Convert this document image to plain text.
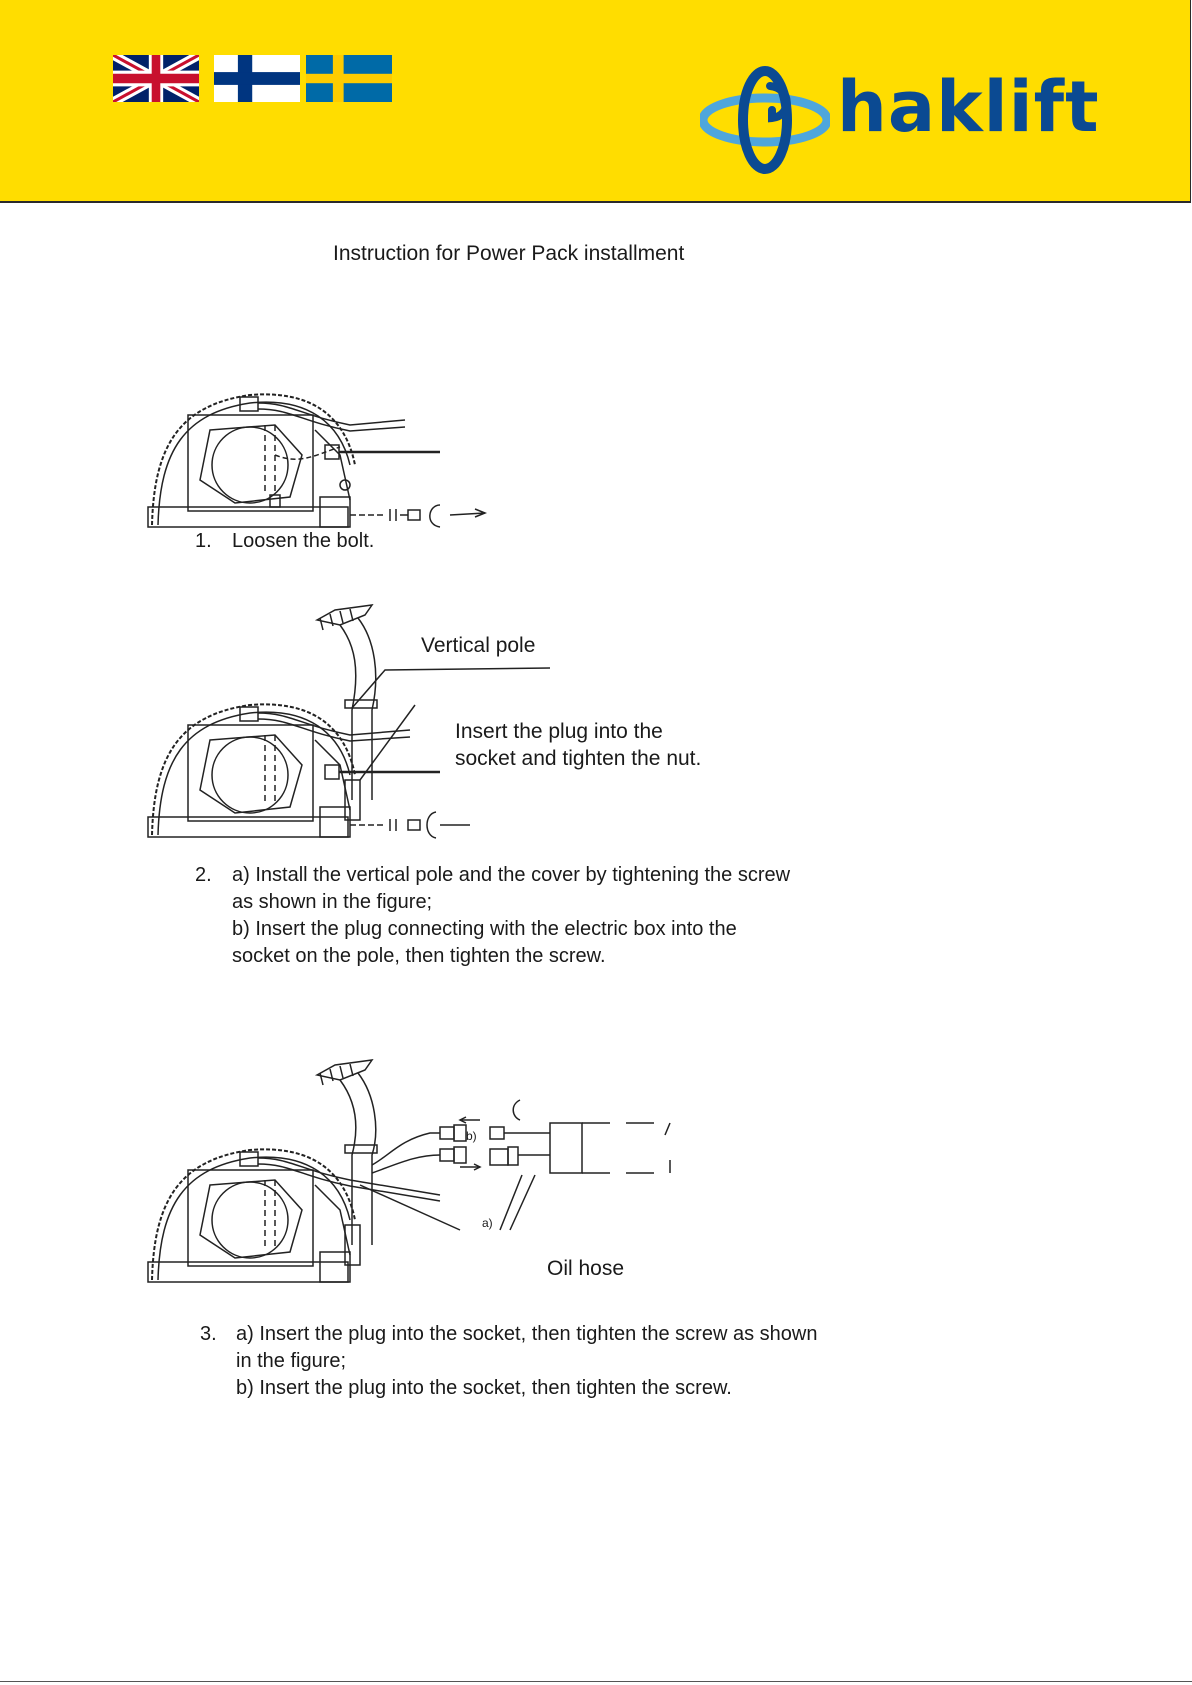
haklift
Instruction for Power Pack installment
1. Loosen the bolt.
Vertical pole
Insert the plug into the
socket and tighten the nut.
2. a) Install the vertical pole and the cover by tightening the screw
as shown in the figure;
b) Insert the plug connecting with the electric box into the
socket on the pole, then tighten the screw.
b)
a)
Oil hose
3. a) Insert the plug into the socket, then tighten the screw as shown
in the figure;
b) Insert the plug into the socket, then tighten the screw.
